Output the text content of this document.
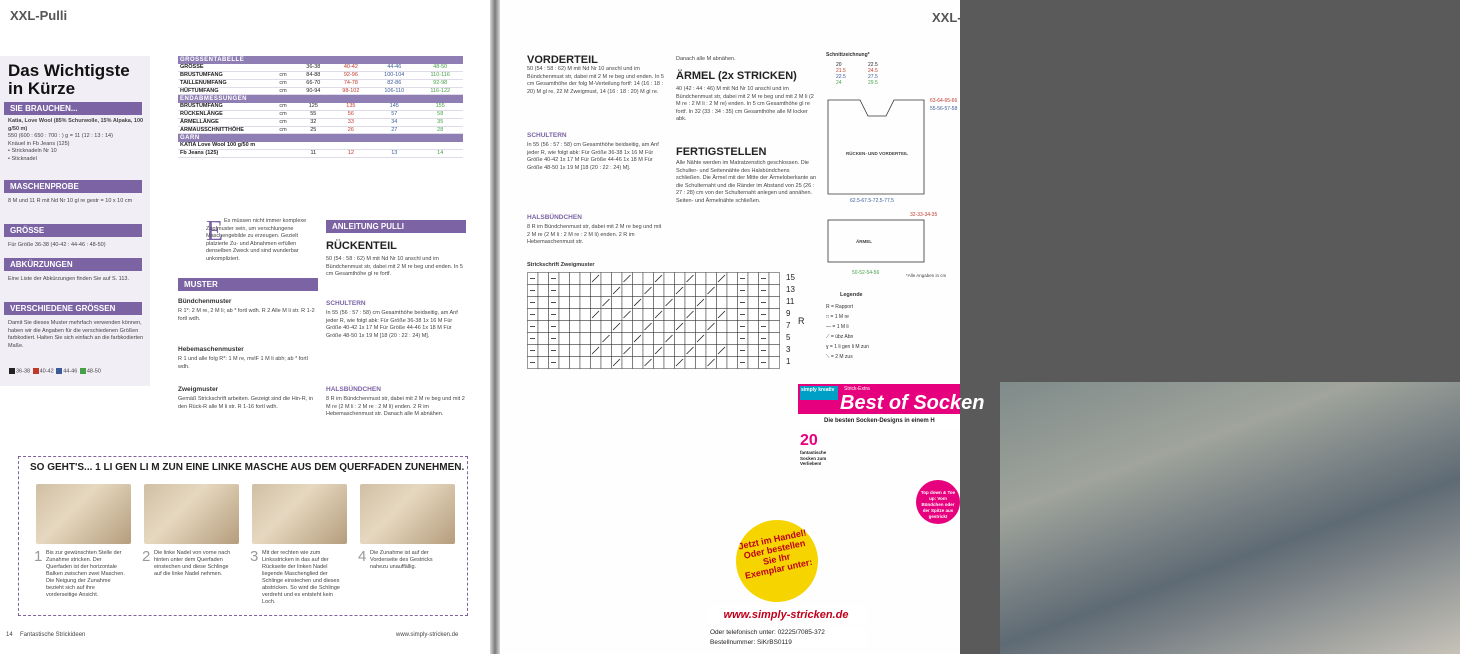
XXL-Pulli
Das Wichtigste in Kürze
SIE BRAUCHEN...
Katia, Love Wool (85% Schurwolle, 15% Alpaka, 100 g/50 m)
550 (600 : 650 : 700 : ) g = 11 (12 : 13 : 14)
Knäuel in Fb Jeans (125)
• Stricknadeln Nr 10
• Sticknadel
MASCHENPROBE
8 M und 11 R mit Nd Nr 10 gl re gestr = 10 x 10 cm
GRÖSSE
Für Größe 36-38 (40-42 : 44-46 : 48-50)
ABKÜRZUNGEN
Eine Liste der Abkürzungen finden Sie auf S. 113.
VERSCHIEDENE GRÖSSEN
Damit Sie dieses Muster mehrfach verwenden können, haben wir die Angaben für die verschiedenen Größen farbkodiert. Halten Sie sich einfach an die farbkodierten Maße.
36-38 40-42 44-46 48-50
GRÖSSENTABELLE					
GRÖSSE		36-38	40-42	44-46	48-50
BRUSTUMFANG	cm	84-88	92-96	100-104	110-116
TAILLENUMFANG	cm	66-70	74-78	82-86	92-98
HÜFTUMFANG	cm	90-94	98-102	106-110	116-122
ENDABMESSUNGEN					
BRUSTUMFANG	cm	125	135	145	155
RÜCKENLÄNGE	cm	55	56	57	58
ÄRMELLÄNGE	cm	32	33	34	35
ARMAUSSCHNITTHÖHE	cm	25	26	27	28
GARN					
KATIA Love Wool 100 g/50 m					
Fb Jeans (125)		11	12	13	14
E Es müssen nicht immer komplexe Zopfmuster sein, um verschlungene Maschengebilde zu erzeugen. Gezielt platzierte Zu- und Abnahmen erfüllen denselben Zweck und sind wunderbar unkompliziert.
MUSTER
Bündchenmuster
R 1*: 2 M re, 2 M li; ab * fortl wdh. R 2 Alle M li str. R 1-2 fortl wdh.
Hebemaschenmuster
R 1 und alle folg R*: 1 M re, mvlF 1 M li abh; ab * fortl wdh.
Zweigmuster
Gemäß Strickschrift arbeiten. Gezeigt sind die Hin-R, in den Rück-R alle M li str. R 1-16 fortl wdh.
ANLEITUNG PULLI
RÜCKENTEIL
50 (54 : 58 : 62) M mit Nd Nr 10 anschl und im Bündchenmust str, dabei mit 2 M re beg und enden. In 5 cm Gesamthöhe gl re fortf.
SCHULTERN
In 55 (56 : 57 : 58) cm Gesamthöhe beidseitig, am Anf jeder R, wie folgt abk: Für Größe 36-38 1x 16 M Für Größe 40-42 1x 17 M Für Größe 44-46 1x 18 M Für Größe 48-50 1x 19 M [18 (20 : 22 : 24) M].
HALSBÜNDCHEN
8 R im Bündchenmust str, dabei mit 2 M re beg und mit 2 M re (2 M li : 2 M re : 2 M li) enden. 2 R im Hebemaschenmust str. Danach alle M abnähen.
SO GEHT'S... 1 LI GEN LI M ZUN EINE LINKE MASCHE AUS DEM QUERFADEN ZUNEHMEN.
1 Bis zur gewünschten Stelle der Zunahme stricken. Der Querfaden ist der horizontale Balken zwischen zwei Maschen. Die Neigung der Zunahme bezieht sich auf ihre vorderseitige Ansicht.
2 Die linke Nadel von vorne nach hinten unter dem Querfaden einstechen und diese Schlinge auf die linke Nadel nehmen.
3 Mit der rechten wie zum Linksstricken in das auf der Rückseite der linken Nadel liegende Maschenglied der Schlinge einstechen und dieses abstricken. So wird die Schlinge verdreht und es entsteht kein Loch.
4 Die Zunahme ist auf der Vorderseite des Gestricks nahezu unauffällig.
14 Fantastische Strickideen	www.simply-stricken.de
XXL-
VORDERTEIL
50 (54 : 58 : 62) M mit Nd Nr 10 anschl und im Bündchenmust str, dabei mit 2 M re beg und enden. In 5 cm Gesamthöhe der folg M-Verteilung fortf: 14 (16 : 18 : 20) M gl re, 22 M Zweigmust, 14 (16 : 18 : 20) M gl re.
SCHULTERN
In 55 (56 : 57 : 58) cm Gesamthöhe beidseitig, am Anf jeder R, wie folgt abk: Für Größe 36-38 1x 16 M Für Größe 40-42 1x 17 M Für Größe 44-46 1x 18 M Für Größe 48-50 1x 19 M [18 (20 : 22 : 24) M].
HALSBÜNDCHEN
8 R im Bündchenmust str, dabei mit 2 M re beg und mit 2 M re (2 M li : 2 M re : 2 M li) enden. 2 R im Hebemaschenmust str.
Danach alle M abnähen.
ÄRMEL (2x STRICKEN)
40 (42 : 44 : 46) M mit Nd Nr 10 anschl und im Bündchenmust str, dabei mit 2 M re beg und mit 2 M li (2 M re : 2 M li : 2 M re) enden. In 5 cm Gesamthöhe gl re fortf. In 32 (33 : 34 : 35) cm Gesamthöhe alle M locker abk.
FERTIGSTELLEN
Alle Nähte werden im Matratzenstich geschlossen. Die Schulter- und Seitennähte des Halsbündchens schließen. Die Ärmel mit der Mitte der Ärmeloberkante an die Schulternaht und die Ränder im Abstand von 25 (26 : 27 : 28) cm von der Schulternaht anlegen und annähen. Seiten- und Ärmelnähte schließen.
Strickschrift Zweigmuster
15
13
11
9
7
5
3
1
R
Schnittzeichnung*
20
21.5
22.5
24
22.5
24.5
27.5
29.5
63-64-65-66
55-56-57-58
RÜCKEN- UND VORDERTEIL
62.5-67.5-72.5-77.5
32-33-34-35
ÄRMEL
50-52-54-56	*Alle Angaben in cm
Legende
R = Rapport
□ = 1 M re
— = 1 M li
⟋ = übz Abn
ɣ = 1 li gen li M zun
⟍ = 2 M zus
simply kreativ	Strick-Extra
Best of Socken
Die besten Socken-Designs in einem H
20
fantastische Socken zum Verlieben!
Top down & Toe up: Vom Bündchen oder der Spitze aus gestrickt
Jetzt im Handel! Oder bestellen Sie Ihr Exemplar unter:
www.simply-stricken.de
Oder telefonisch unter: 02225/7085-372
Bestellnummer: SiKrBS0119
